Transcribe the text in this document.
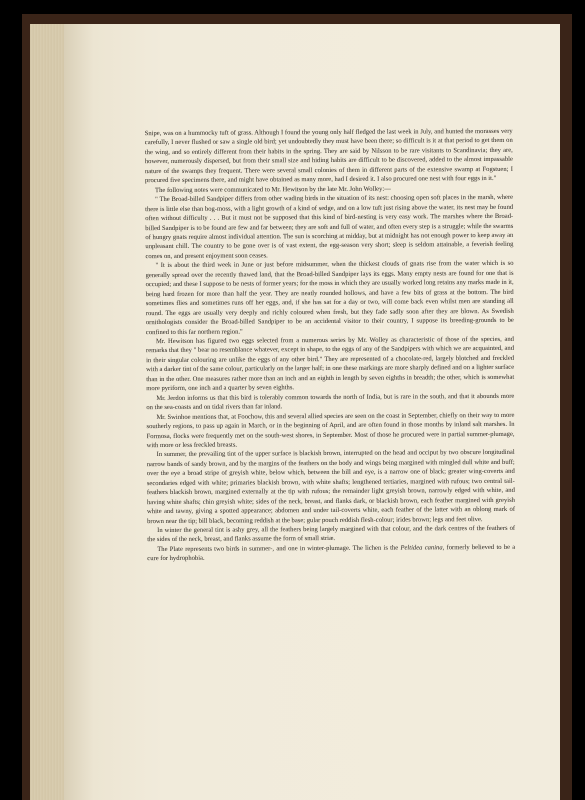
Snipe, was on a hummocky tuft of grass. Although I found the young only half fledged the last week in July, and hunted the morasses very carefully, I never flushed or saw a single old bird; yet undoubtedly they must have been there; so difficult is it at that period to get them on the wing, and so entirely different from their habits in the spring. They are said by Nilsson to be rare visitants to Scandinavia; they are, however, numerously dispersed, but from their small size and hiding habits are difficult to be discovered, added to the almost impassable nature of the swamps they frequent. There were several small colonies of them in different parts of the extensive swamp at Fogstuen; I procured five specimens there, and might have obtained as many more, had I desired it. I also procured one nest with four eggs in it."

The following notes were communicated to Mr. Hewitson by the late Mr. John Wolley:—

" The Broad-billed Sandpiper differs from other wading birds in the situation of its nest: choosing open soft places in the marsh, where there is little else than bog-moss, with a light growth of a kind of sedge, and on a low tuft just rising above the water, its nest may be found often without difficulty . . . But it must not be supposed that this kind of bird-nesting is very easy work. The marshes where the Broad-billed Sandpiper is to be found are few and far between; they are soft and full of water, and often every step is a struggle; while the swarms of hungry gnats require almost individual attention. The sun is scorching at midday, but at midnight has not enough power to keep away an unpleasant chill. The country to be gone over is of vast extent, the egg-season very short; sleep is seldom attainable, a feverish feeling comes on, and present enjoyment soon ceases.

" It is about the third week in June or just before midsummer, when the thickest clouds of gnats rise from the water which is so generally spread over the recently thawed land, that the Broad-billed Sandpiper lays its eggs. Many empty nests are found for one that is occupied; and these I suppose to be nests of former years; for the moss in which they are usually worked long retains any marks made in it, being hard frozen for more than half the year. They are neatly rounded hollows, and have a few bits of grass at the bottom. The bird sometimes flies and sometimes runs off her eggs, and, if she has sat for a day or two, will come back even whilst men are standing all round. The eggs are usually very deeply and richly coloured when fresh, but they fade sadly soon after they are blown. As Swedish ornithologists consider the Broad-billed Sandpiper to be an accidental visitor to their country, I suppose its breeding-grounds to be confined to this far northern region."

Mr. Hewitson has figured two eggs selected from a numerous series by Mr. Wolley as characteristic of those of the species, and remarks that they " bear no resemblance whatever, except in shape, to the eggs of any of the Sandpipers with which we are acquainted, and in their singular colouring are unlike the eggs of any other bird." They are represented of a chocolate-red, largely blotched and freckled with a darker tint of the same colour, particularly on the larger half; in one these markings are more sharply defined and on a lighter surface than in the other. One measures rather more than an inch and an eighth in length by seven eighths in breadth; the other, which is somewhat more pyriform, one inch and a quarter by seven eighths.

Mr. Jerdon informs us that this bird is tolerably common towards the north of India, but is rare in the south, and that it abounds more on the sea-coasts and on tidal rivers than far inland.

Mr. Swinhoe mentions that, at Foochow, this and several allied species are seen on the coast in September, chiefly on their way to more southerly regions, to pass up again in March, or in the beginning of April, and are often found in those months by inland salt marshes. In Formosa, flocks were frequently met on the south-west shores, in September. Most of those he procured were in partial summer-plumage, with more or less freckled breasts.

In summer, the prevailing tint of the upper surface is blackish brown, interrupted on the head and occiput by two obscure longitudinal narrow bands of sandy brown, and by the margins of the feathers on the body and wings being margined with mingled dull white and buff; over the eye a broad stripe of greyish white, below which, between the bill and eye, is a narrow one of black; greater wing-coverts and secondaries edged with white; primaries blackish brown, with white shafts; lengthened tertiaries, margined with rufous; two central tail-feathers blackish brown, margined externally at the tip with rufous; the remainder light greyish brown, narrowly edged with white, and having white shafts; chin greyish white; sides of the neck, breast, and flanks dark, or blackish brown, each feather margined with greyish white and tawny, giving a spotted appearance; abdomen and under tail-coverts white, each feather of the latter with an oblong mark of brown near the tip; bill black, becoming reddish at the base; gular pouch reddish flesh-colour; irides brown; legs and feet olive.

In winter the general tint is ashy grey, all the feathers being largely margined with that colour, and the dark centres of the feathers of the sides of the neck, breast, and flanks assume the form of small striæ.

The Plate represents two birds in summer-, and one in winter-plumage. The lichen is the Peltidea canina, formerly believed to be a cure for hydrophobia.
